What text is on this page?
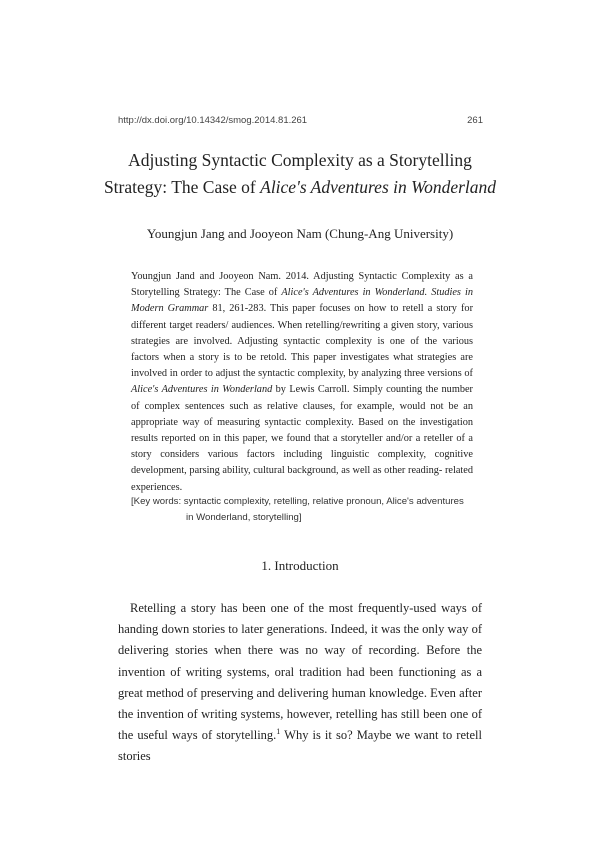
http://dx.doi.org/10.14342/smog.2014.81.261	261
Adjusting Syntactic Complexity as a Storytelling
Strategy: The Case of Alice's Adventures in Wonderland
Youngjun Jang and Jooyeon Nam (Chung-Ang University)
Youngjun Jand and Jooyeon Nam. 2014. Adjusting Syntactic Complexity as a Storytelling Strategy: The Case of Alice's Adventures in Wonderland. Studies in Modern Grammar 81, 261-283. This paper focuses on how to retell a story for different target readers/ audiences. When retelling/rewriting a given story, various strategies are involved. Adjusting syntactic complexity is one of the various factors when a story is to be retold. This paper investigates what strategies are involved in order to adjust the syntactic complexity, by analyzing three versions of Alice's Adventures in Wonderland by Lewis Carroll. Simply counting the number of complex sentences such as relative clauses, for example, would not be an appropriate way of measuring syntactic complexity. Based on the investigation results reported on in this paper, we found that a storyteller and/or a reteller of a story considers various factors including linguistic complexity, cognitive development, parsing ability, cultural background, as well as other reading- related experiences.
[Key words: syntactic complexity, retelling, relative pronoun, Alice's adventures
in Wonderland, storytelling]
1. Introduction
Retelling a story has been one of the most frequently-used ways of handing down stories to later generations. Indeed, it was the only way of delivering stories when there was no way of recording. Before the invention of writing systems, oral tradition had been functioning as a great method of preserving and delivering human knowledge. Even after the invention of writing systems, however, retelling has still been one of the useful ways of storytelling.$^1$ Why is it so? Maybe we want to retell stories
